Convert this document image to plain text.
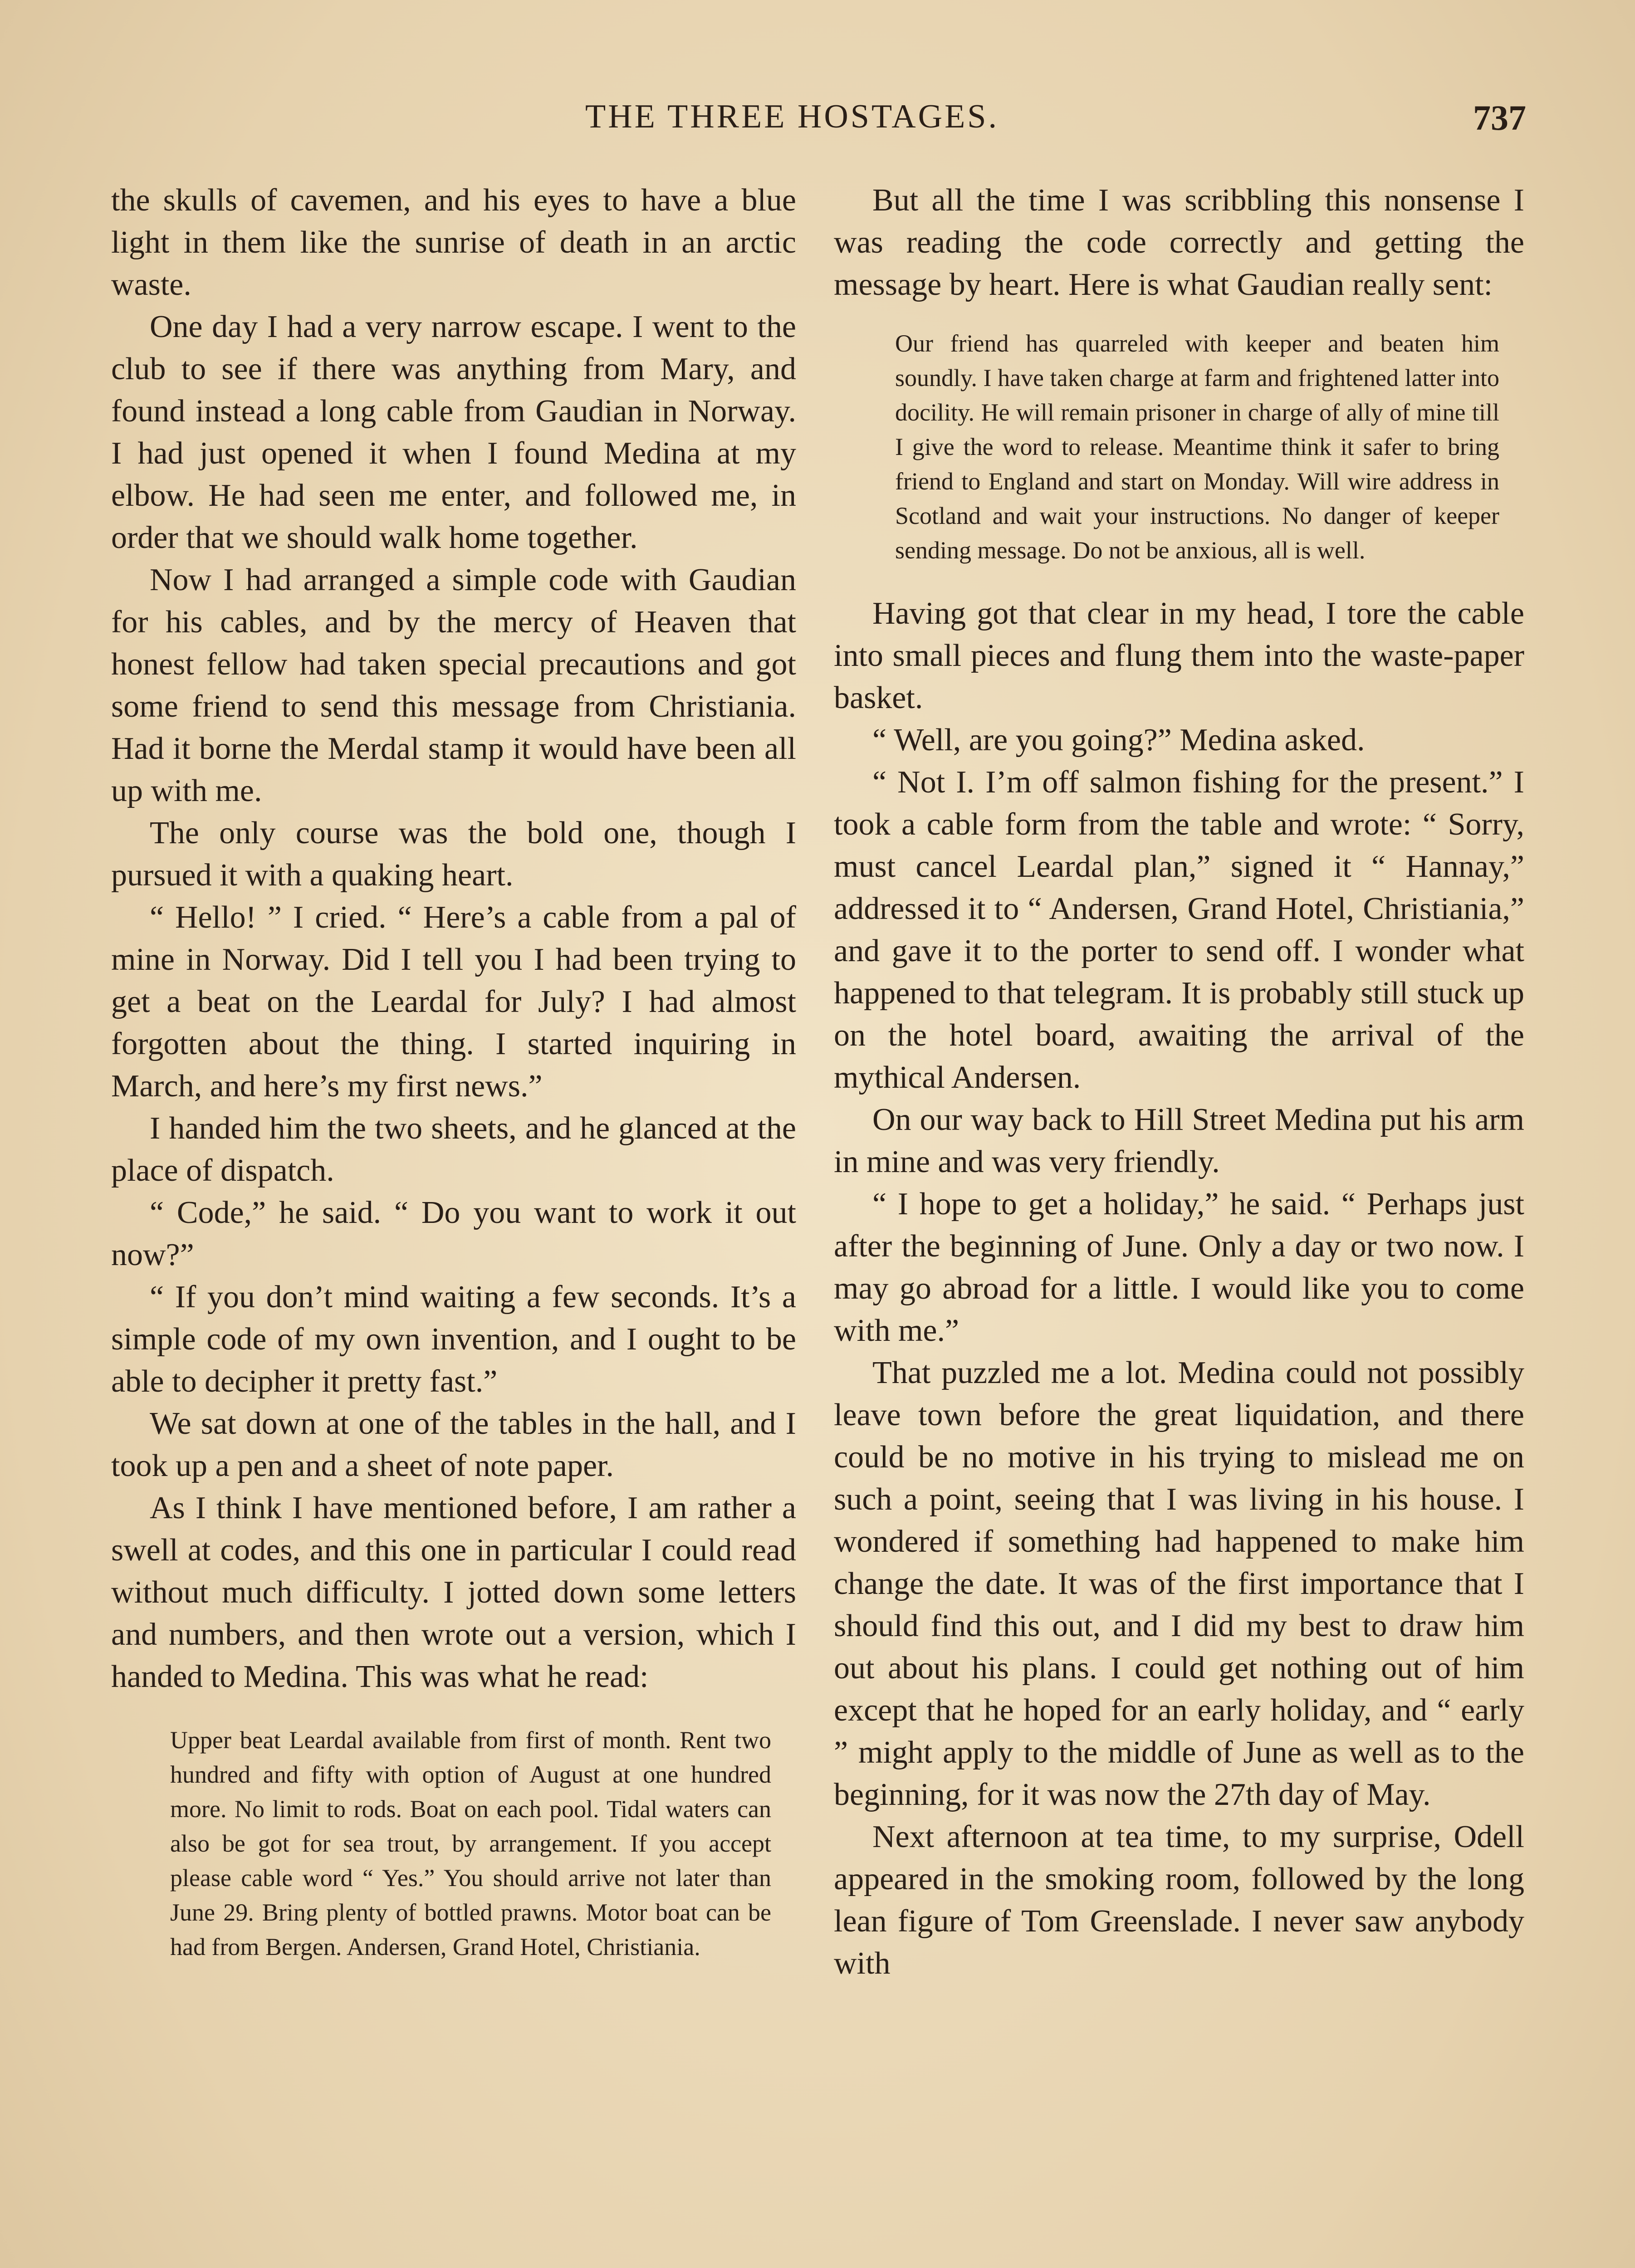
THE THREE HOSTAGES.	737

the skulls of cavemen, and his eyes to have a blue light in them like the sunrise of death in an arctic waste.

One day I had a very narrow escape. I went to the club to see if there was anything from Mary, and found instead a long cable from Gaudian in Norway. I had just opened it when I found Medina at my elbow. He had seen me enter, and followed me, in order that we should walk home together.

Now I had arranged a simple code with Gaudian for his cables, and by the mercy of Heaven that honest fellow had taken special precautions and got some friend to send this message from Christiania. Had it borne the Merdal stamp it would have been all up with me.

The only course was the bold one, though I pursued it with a quaking heart.

“ Hello! ” I cried. “ Here’s a cable from a pal of mine in Norway. Did I tell you I had been trying to get a beat on the Leardal for July? I had almost forgotten about the thing. I started inquiring in March, and here’s my first news.”

I handed him the two sheets, and he glanced at the place of dispatch.

“ Code,” he said. “ Do you want to work it out now?”

“ If you don’t mind waiting a few seconds. It’s a simple code of my own invention, and I ought to be able to decipher it pretty fast.”

We sat down at one of the tables in the hall, and I took up a pen and a sheet of note paper.

As I think I have mentioned before, I am rather a swell at codes, and this one in particular I could read without much difficulty. I jotted down some letters and numbers, and then wrote out a version, which I handed to Medina. This was what he read:

Upper beat Leardal available from first of month. Rent two hundred and fifty with option of August at one hundred more. No limit to rods. Boat on each pool. Tidal waters can also be got for sea trout, by arrangement. If you accept please cable word “ Yes.” You should arrive not later than June 29. Bring plenty of bottled prawns. Motor boat can be had from Bergen. Andersen, Grand Hotel, Christiania.

But all the time I was scribbling this nonsense I was reading the code correctly and getting the message by heart. Here is what Gaudian really sent:

Our friend has quarreled with keeper and beaten him soundly. I have taken charge at farm and frightened latter into docility. He will remain prisoner in charge of ally of mine till I give the word to release. Meantime think it safer to bring friend to England and start on Monday. Will wire address in Scotland and wait your instructions. No danger of keeper sending message. Do not be anxious, all is well.

Having got that clear in my head, I tore the cable into small pieces and flung them into the waste-paper basket.

“ Well, are you going?” Medina asked.

“ Not I. I’m off salmon fishing for the present.” I took a cable form from the table and wrote: “ Sorry, must cancel Leardal plan,” signed it “ Hannay,” addressed it to “ Andersen, Grand Hotel, Christiania,” and gave it to the porter to send off. I wonder what happened to that telegram. It is probably still stuck up on the hotel board, awaiting the arrival of the mythical Andersen.

On our way back to Hill Street Medina put his arm in mine and was very friendly.

“ I hope to get a holiday,” he said. “ Perhaps just after the beginning of June. Only a day or two now. I may go abroad for a little. I would like you to come with me.”

That puzzled me a lot. Medina could not possibly leave town before the great liquidation, and there could be no motive in his trying to mislead me on such a point, seeing that I was living in his house. I wondered if something had happened to make him change the date. It was of the first importance that I should find this out, and I did my best to draw him out about his plans. I could get nothing out of him except that he hoped for an early holiday, and “ early ” might apply to the middle of June as well as to the beginning, for it was now the 27th day of May.

Next afternoon at tea time, to my surprise, Odell appeared in the smoking room, followed by the long lean figure of Tom Greenslade. I never saw anybody with
